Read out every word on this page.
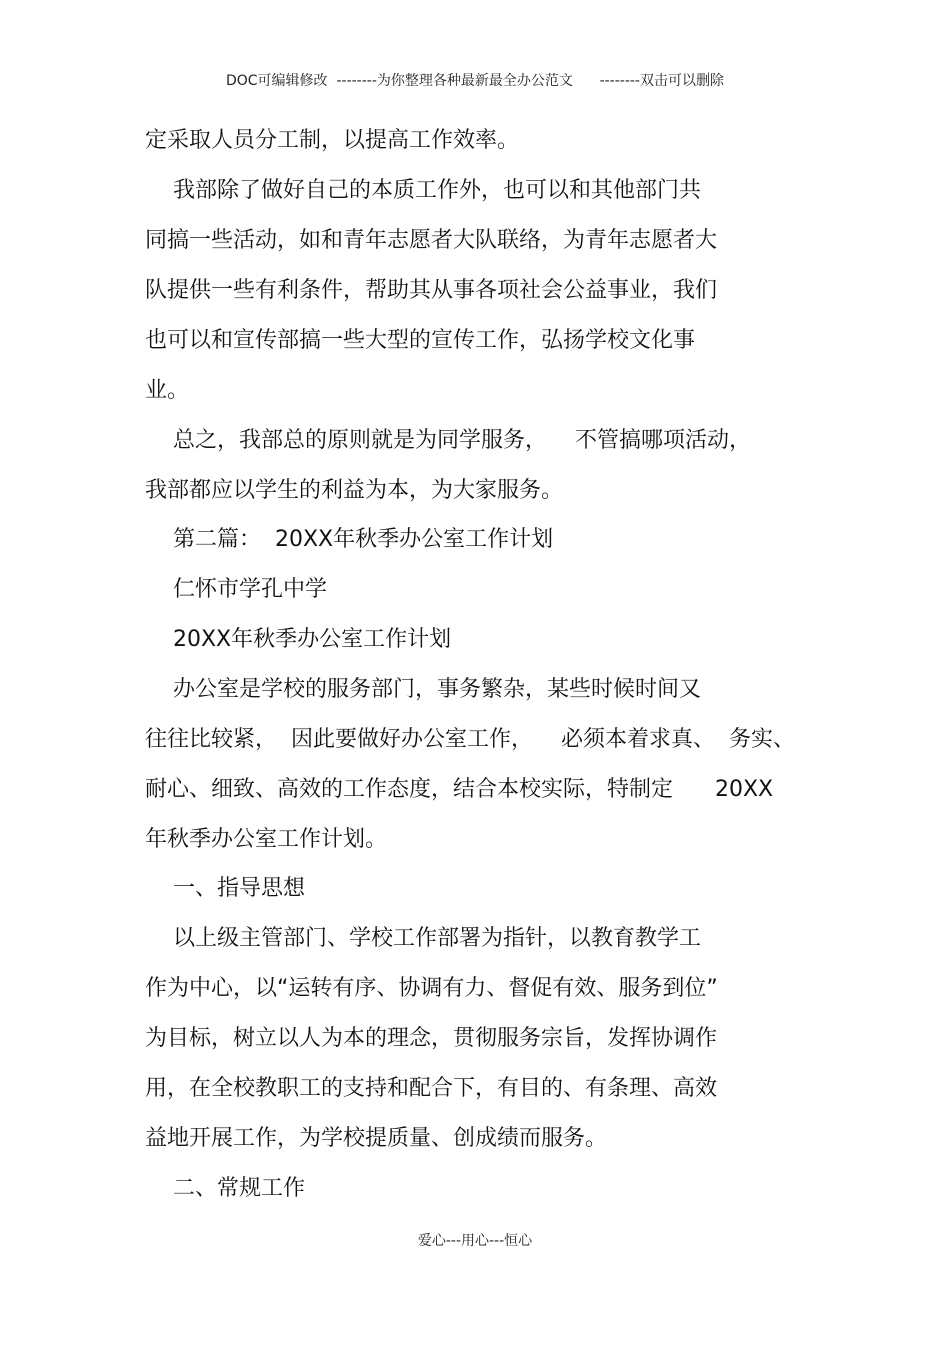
DOC可编辑修改  --------为你整理各种最新最全办公范文      --------双击可以删除
定采取人员分工制，以提高工作效率。
我部除了做好自己的本质工作外，也可以和其他部门共
同搞一些活动，如和青年志愿者大队联络，为青年志愿者大
队提供一些有利条件，帮助其从事各项社会公益事业，我们
也可以和宣传部搞一些大型的宣传工作，弘扬学校文化事
业。
总之，我部总的原则就是为同学服务，    不管搞哪项活动，
我部都应以学生的利益为本，为大家服务。
第二篇：  20XX年秋季办公室工作计划
仁怀市学孔中学
20XX年秋季办公室工作计划
办公室是学校的服务部门，事务繁杂，某些时候时间又
往往比较紧，  因此要做好办公室工作，    必须本着求真、  务实、
耐心、细致、高效的工作态度，结合本校实际，特制定      20XX
年秋季办公室工作计划。
一、指导思想
以上级主管部门、学校工作部署为指针，以教育教学工
作为中心，以“运转有序、协调有力、督促有效、服务到位”
为目标，树立以人为本的理念，贯彻服务宗旨，发挥协调作
用，在全校教职工的支持和配合下，有目的、有条理、高效
益地开展工作，为学校提质量、创成绩而服务。
二、常规工作
爱心---用心---恒心
